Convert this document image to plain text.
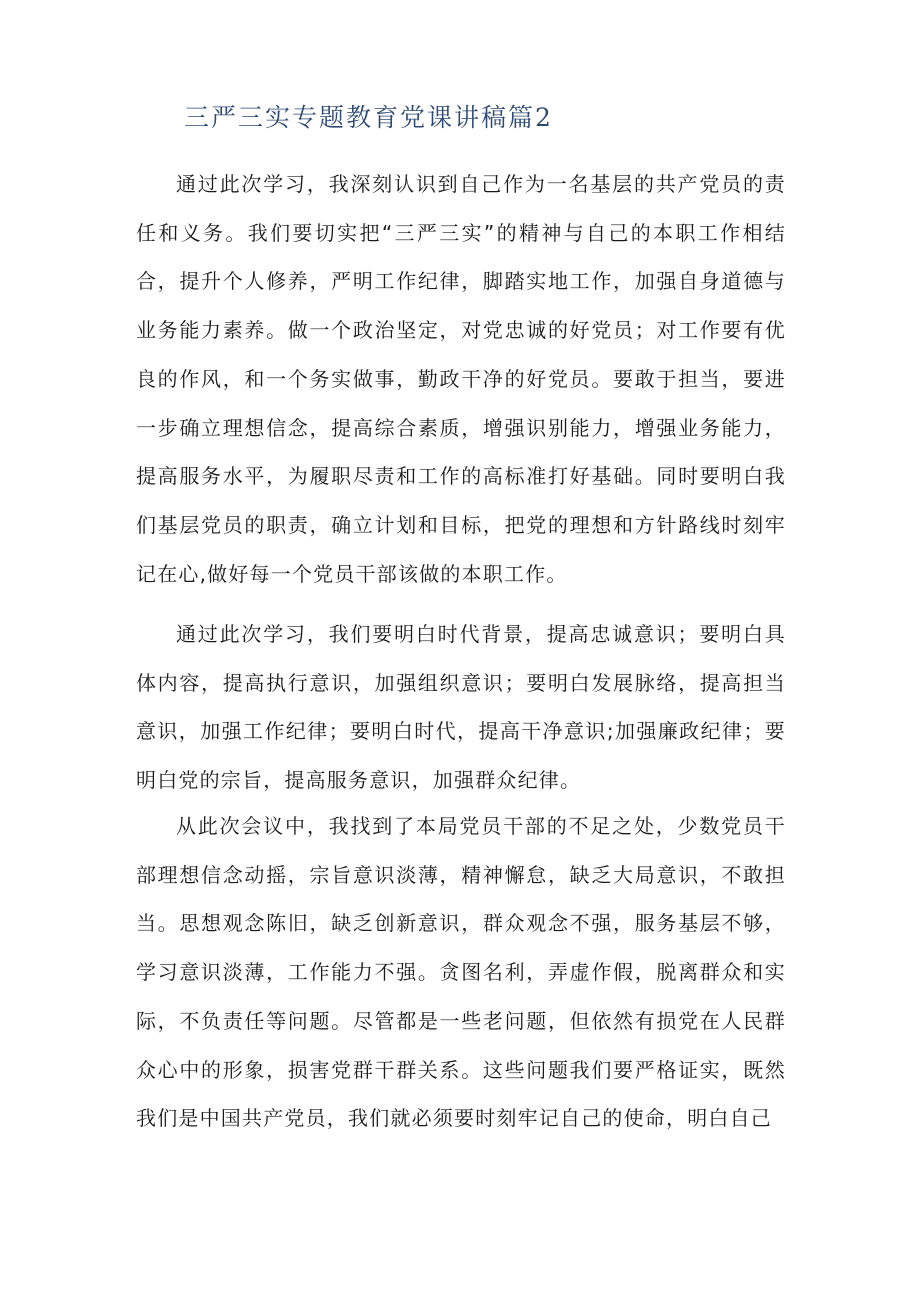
三严三实专题教育党课讲稿篇2

通过此次学习，我深刻认识到自己作为一名基层的共产党员的责任和义务。我们要切实把“三严三实”的精神与自己的本职工作相结合，提升个人修养，严明工作纪律，脚踏实地工作，加强自身道德与业务能力素养。做一个政治坚定，对党忠诚的好党员；对工作要有优良的作风，和一个务实做事，勤政干净的好党员。要敢于担当，要进一步确立理想信念，提高综合素质，增强识别能力，增强业务能力，提高服务水平，为履职尽责和工作的高标准打好基础。同时要明白我们基层党员的职责，确立计划和目标，把党的理想和方针路线时刻牢记在心,做好每一个党员干部该做的本职工作。

通过此次学习，我们要明白时代背景，提高忠诚意识；要明白具体内容，提高执行意识，加强组织意识；要明白发展脉络，提高担当意识，加强工作纪律；要明白时代，提高干净意识;加强廉政纪律；要明白党的宗旨，提高服务意识，加强群众纪律。

从此次会议中，我找到了本局党员干部的不足之处，少数党员干部理想信念动摇，宗旨意识淡薄，精神懈怠，缺乏大局意识，不敢担当。思想观念陈旧，缺乏创新意识，群众观念不强，服务基层不够，学习意识淡薄，工作能力不强。贪图名利，弄虚作假，脱离群众和实际，不负责任等问题。尽管都是一些老问题，但依然有损党在人民群众心中的形象，损害党群干群关系。这些问题我们要严格证实，既然我们是中国共产党员，我们就必须要时刻牢记自己的使命，明白自己
